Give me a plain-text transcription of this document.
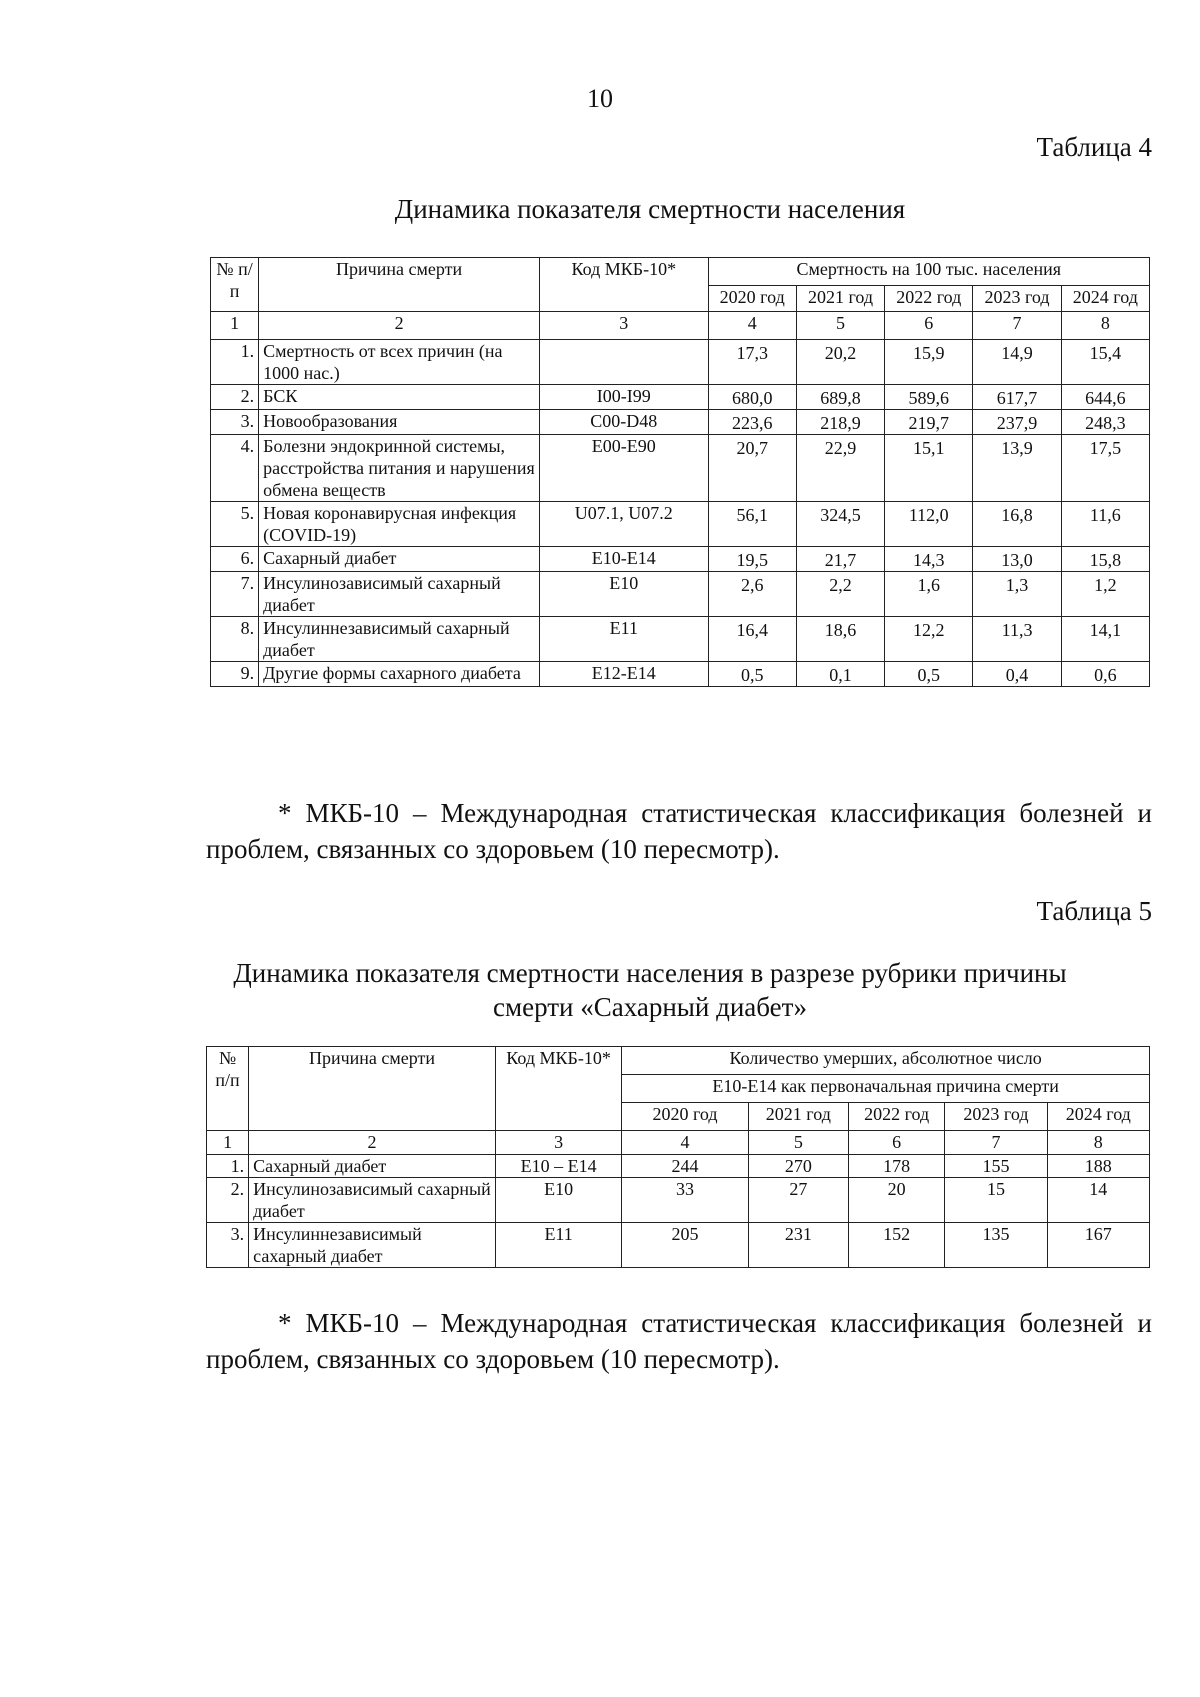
10
Таблица 4
Динамика показателя смертности населения
№ п/п	Причина смерти	Код МКБ-10*	Смертность на 100 тыс. населения				
			2020 год	2021 год	2022 год	2023 год	2024 год
1	2	3	4	5	6	7	8
1.	Смертность от всех причин (на 1000 нас.)		17,3	20,2	15,9	14,9	15,4
2.	БСК	I00-I99	680,0	689,8	589,6	617,7	644,6
3.	Новообразования	C00-D48	223,6	218,9	219,7	237,9	248,3
4.	Болезни эндокринной системы, расстройства питания и нарушения обмена веществ	E00-E90	20,7	22,9	15,1	13,9	17,5
5.	Новая коронавирусная инфекция (COVID-19)	U07.1, U07.2	56,1	324,5	112,0	16,8	11,6
6.	Сахарный диабет	E10-E14	19,5	21,7	14,3	13,0	15,8
7.	Инсулинозависимый сахарный диабет	E10	2,6	2,2	1,6	1,3	1,2
8.	Инсулиннезависимый сахарный диабет	E11	16,4	18,6	12,2	11,3	14,1
9.	Другие формы сахарного диабета	E12-E14	0,5	0,1	0,5	0,4	0,6
* МКБ-10 – Международная статистическая классификация болезней и проблем, связанных со здоровьем (10 пересмотр).
Таблица 5
Динамика показателя смертности населения в разрезе рубрики причины смерти «Сахарный диабет»
№ п/п	Причина смерти	Код МКБ-10*	Количество умерших, абсолютное число				
			E10-E14 как первоначальная причина смерти				
			2020 год	2021 год	2022 год	2023 год	2024 год
1	2	3	4	5	6	7	8
1.	Сахарный диабет	E10 – E14	244	270	178	155	188
2.	Инсулинозависимый сахарный диабет	E10	33	27	20	15	14
3.	Инсулиннезависимый сахарный диабет	E11	205	231	152	135	167
* МКБ-10 – Международная статистическая классификация болезней и проблем, связанных со здоровьем (10 пересмотр).
